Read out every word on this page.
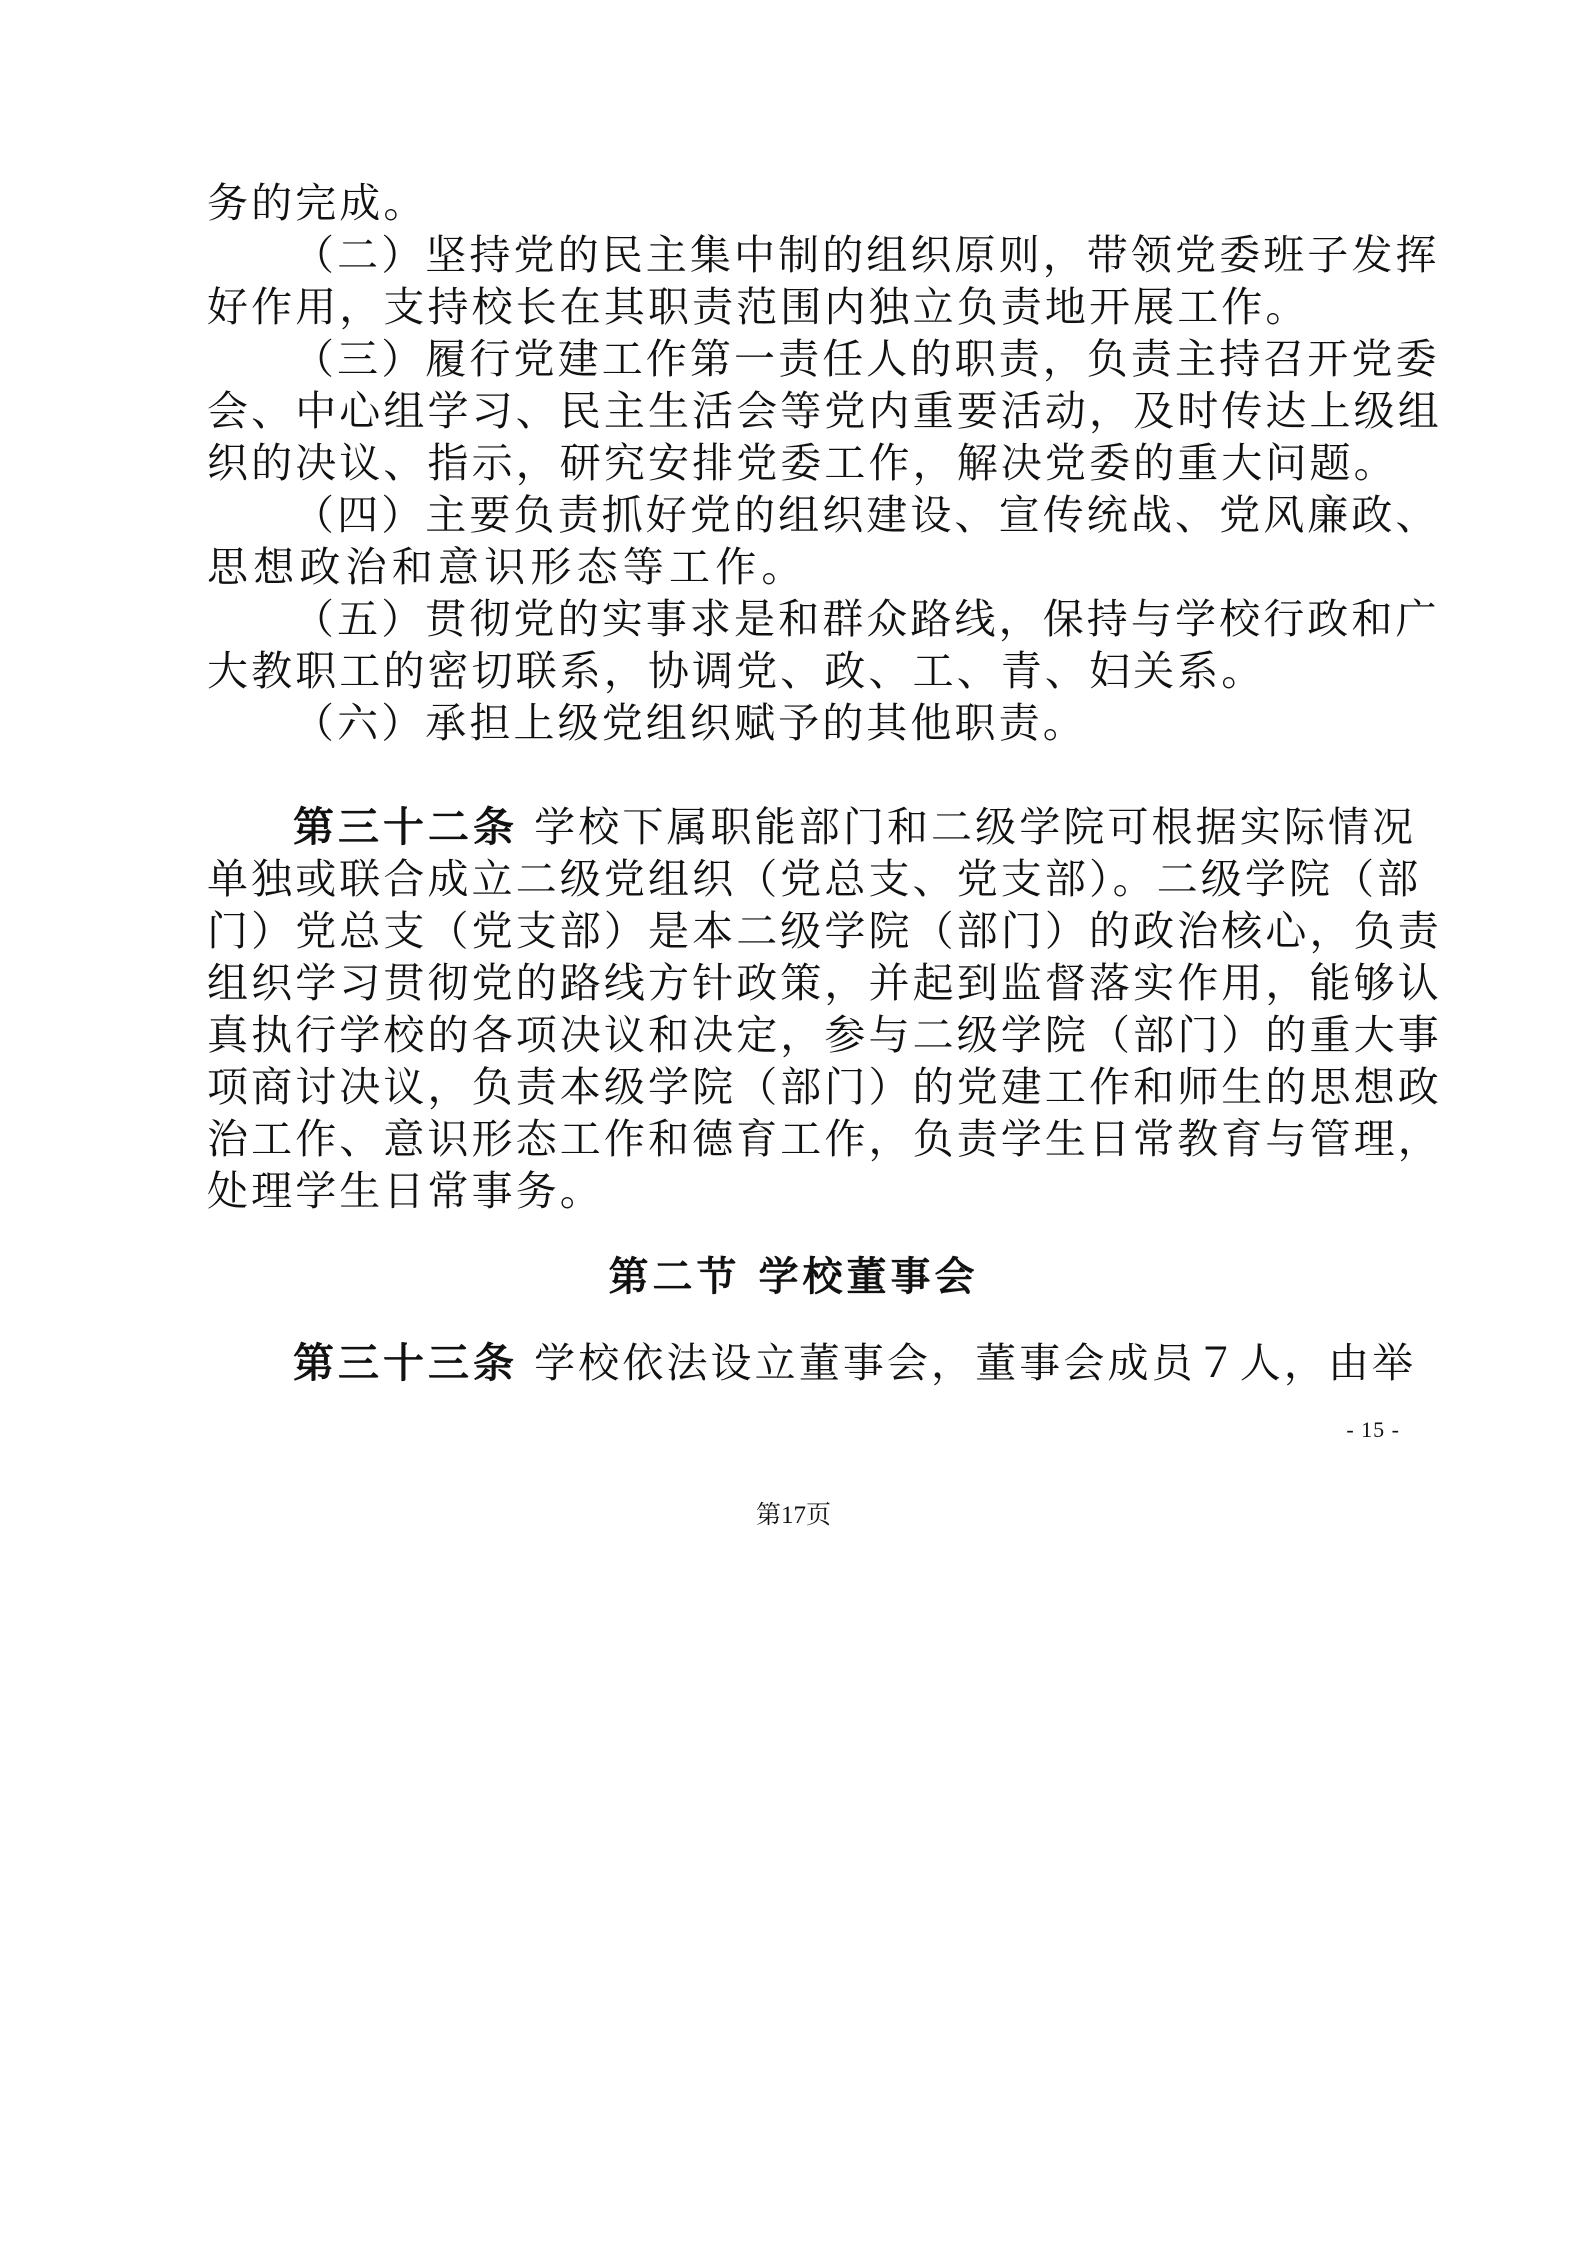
务的完成。
（二）坚持党的民主集中制的组织原则，带领党委班子发挥
好作用，支持校长在其职责范围内独立负责地开展工作。
（三）履行党建工作第一责任人的职责，负责主持召开党委
会、中心组学习、民主生活会等党内重要活动，及时传达上级组
织的决议、指示，研究安排党委工作，解决党委的重大问题。
（四）主要负责抓好党的组织建设、宣传统战、党风廉政、
思想政治和意识形态等工作。
（五）贯彻党的实事求是和群众路线，保持与学校行政和广
大教职工的密切联系，协调党、政、工、青、妇关系。
（六）承担上级党组织赋予的其他职责。
第三十二条 学校下属职能部门和二级学院可根据实际情况
单独或联合成立二级党组织（党总支、党支部）。二级学院（部
门）党总支（党支部）是本二级学院（部门）的政治核心，负责
组织学习贯彻党的路线方针政策，并起到监督落实作用，能够认
真执行学校的各项决议和决定，参与二级学院（部门）的重大事
项商讨决议，负责本级学院（部门）的党建工作和师生的思想政
治工作、意识形态工作和德育工作，负责学生日常教育与管理，
处理学生日常事务。
第二节 学校董事会
第三十三条 学校依法设立董事会，董事会成员７人，由举
- 15 -
第17页
